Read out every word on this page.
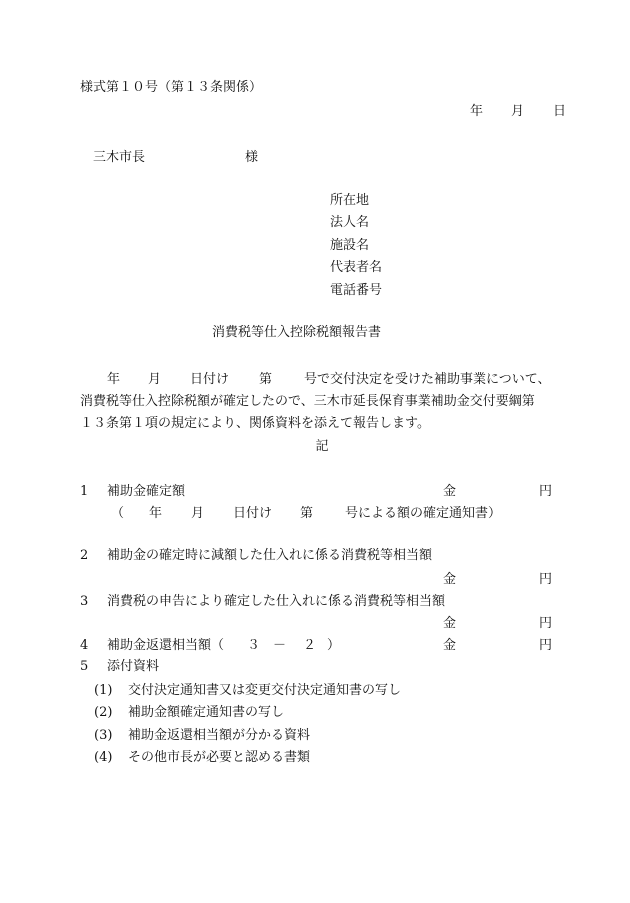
様式第１０号（第１３条関係）
年 月 日
三木市長	様
所在地
法人名
施設名
代表者名
電話番号
消費税等仕入控除税額報告書
年 月 日付け 第 号で交付決定を受けた補助事業について、
消費税等仕入控除税額が確定したので、三木市延長保育事業補助金交付要綱第
１３条第１項の規定により、関係資料を添えて報告します。
記
1 補助金確定額	金	円
（ 年 月 日付け 第 号による額の確定通知書）
2 補助金の確定時に減額した仕入れに係る消費税等相当額
金	円
3 消費税の申告により確定した仕入れに係る消費税等相当額
金	円
4 補助金返還相当額（ ３ － ２ ）	金	円
5 添付資料
(1) 交付決定通知書又は変更交付決定通知書の写し
(2) 補助金額確定通知書の写し
(3) 補助金返還相当額が分かる資料
(4) その他市長が必要と認める書類
